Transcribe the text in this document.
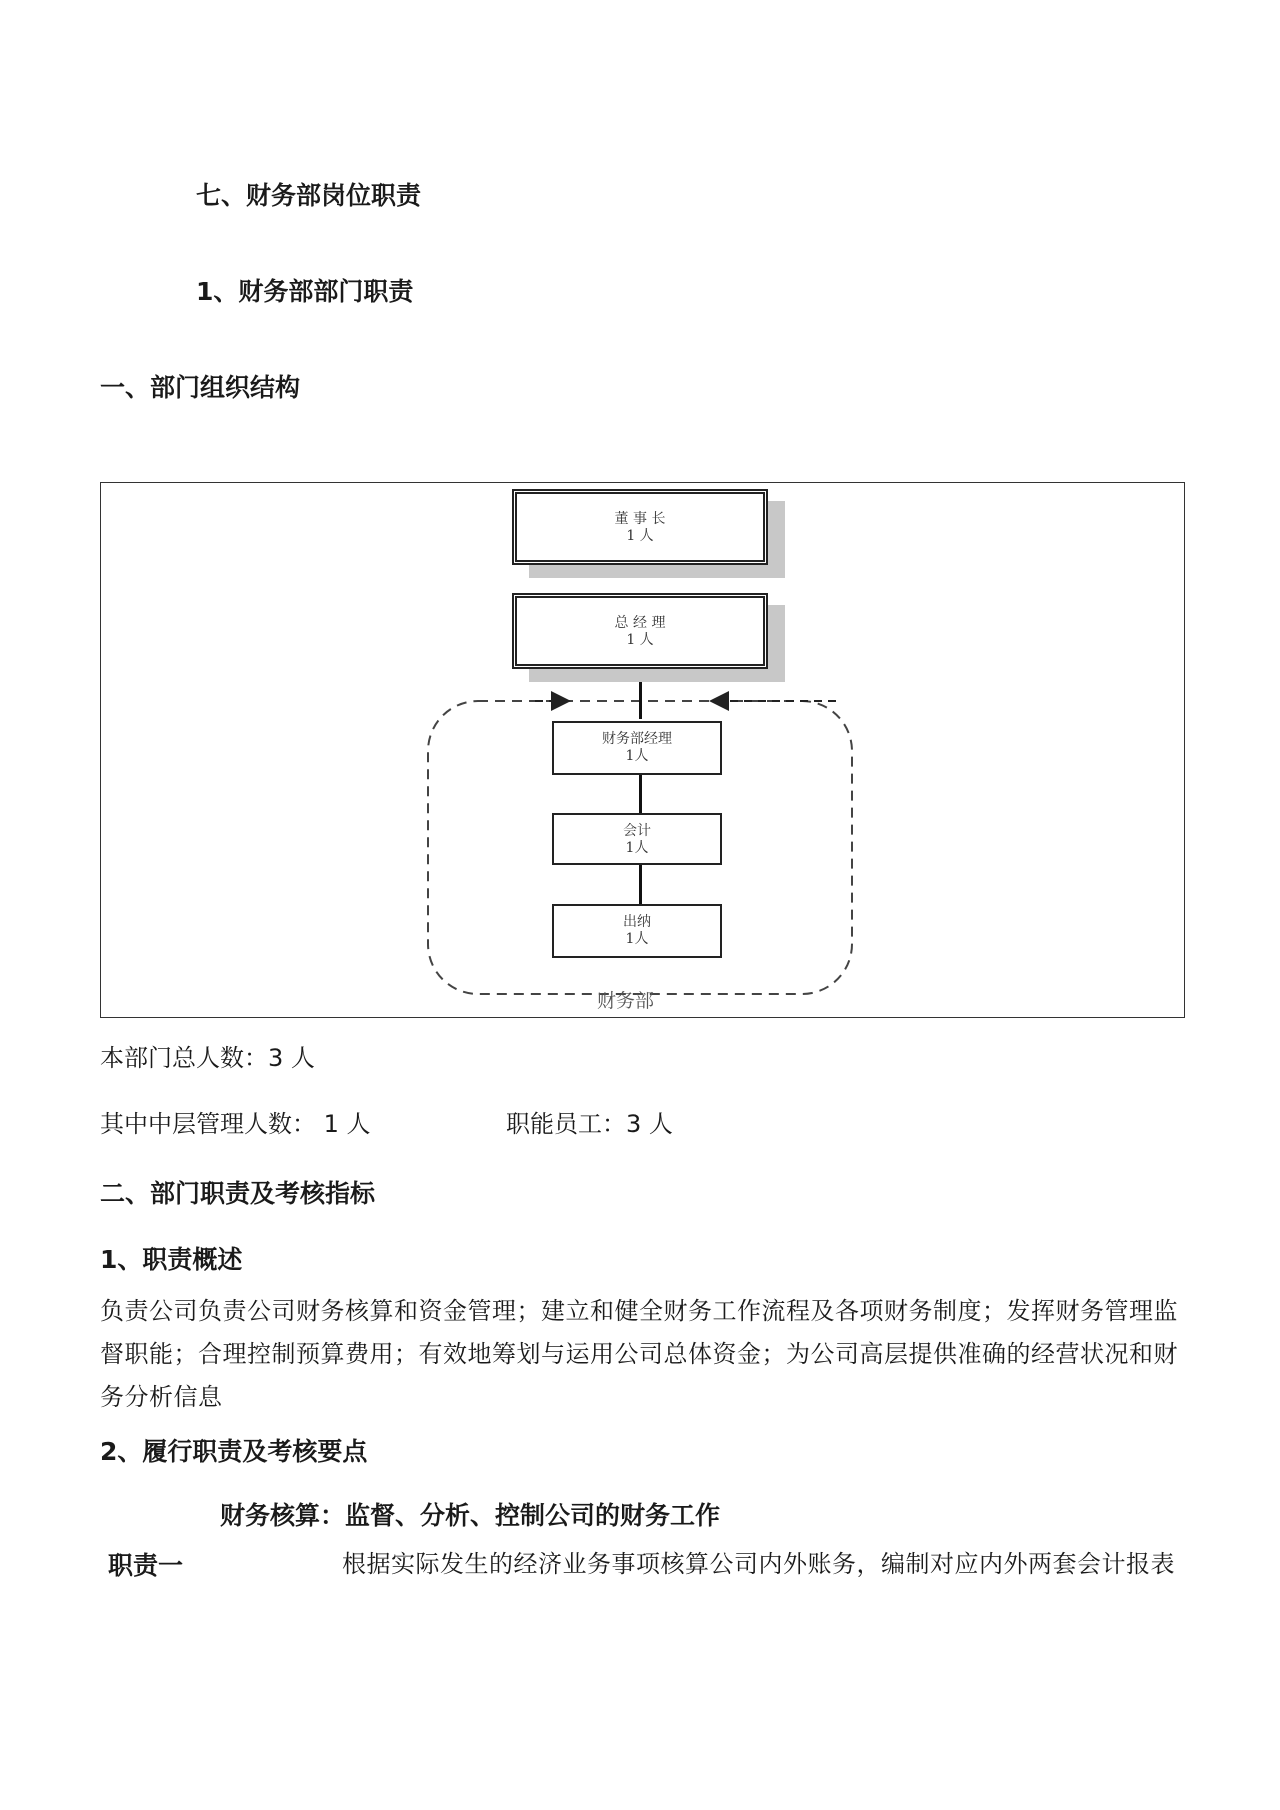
七、财务部岗位职责
1、财务部部门职责
一、部门组织结构
董 事 长
1 人
总 经 理
1 人
财务部经理
1人
会计
1人
出纳
1人
财务部
本部门总人数：3 人
其中中层管理人数： 1 人	职能员工：3 人
二、部门职责及考核指标
1、职责概述
负责公司负责公司财务核算和资金管理；建立和健全财务工作流程及各项财务制度；发挥财务管理监督职能；合理控制预算费用；有效地筹划与运用公司总体资金；为公司高层提供准确的经营状况和财务分析信息
2、履行职责及考核要点
财务核算：监督、分析、控制公司的财务工作
职责一	根据实际发生的经济业务事项核算公司内外账务，编制对应内外两套会计报表
